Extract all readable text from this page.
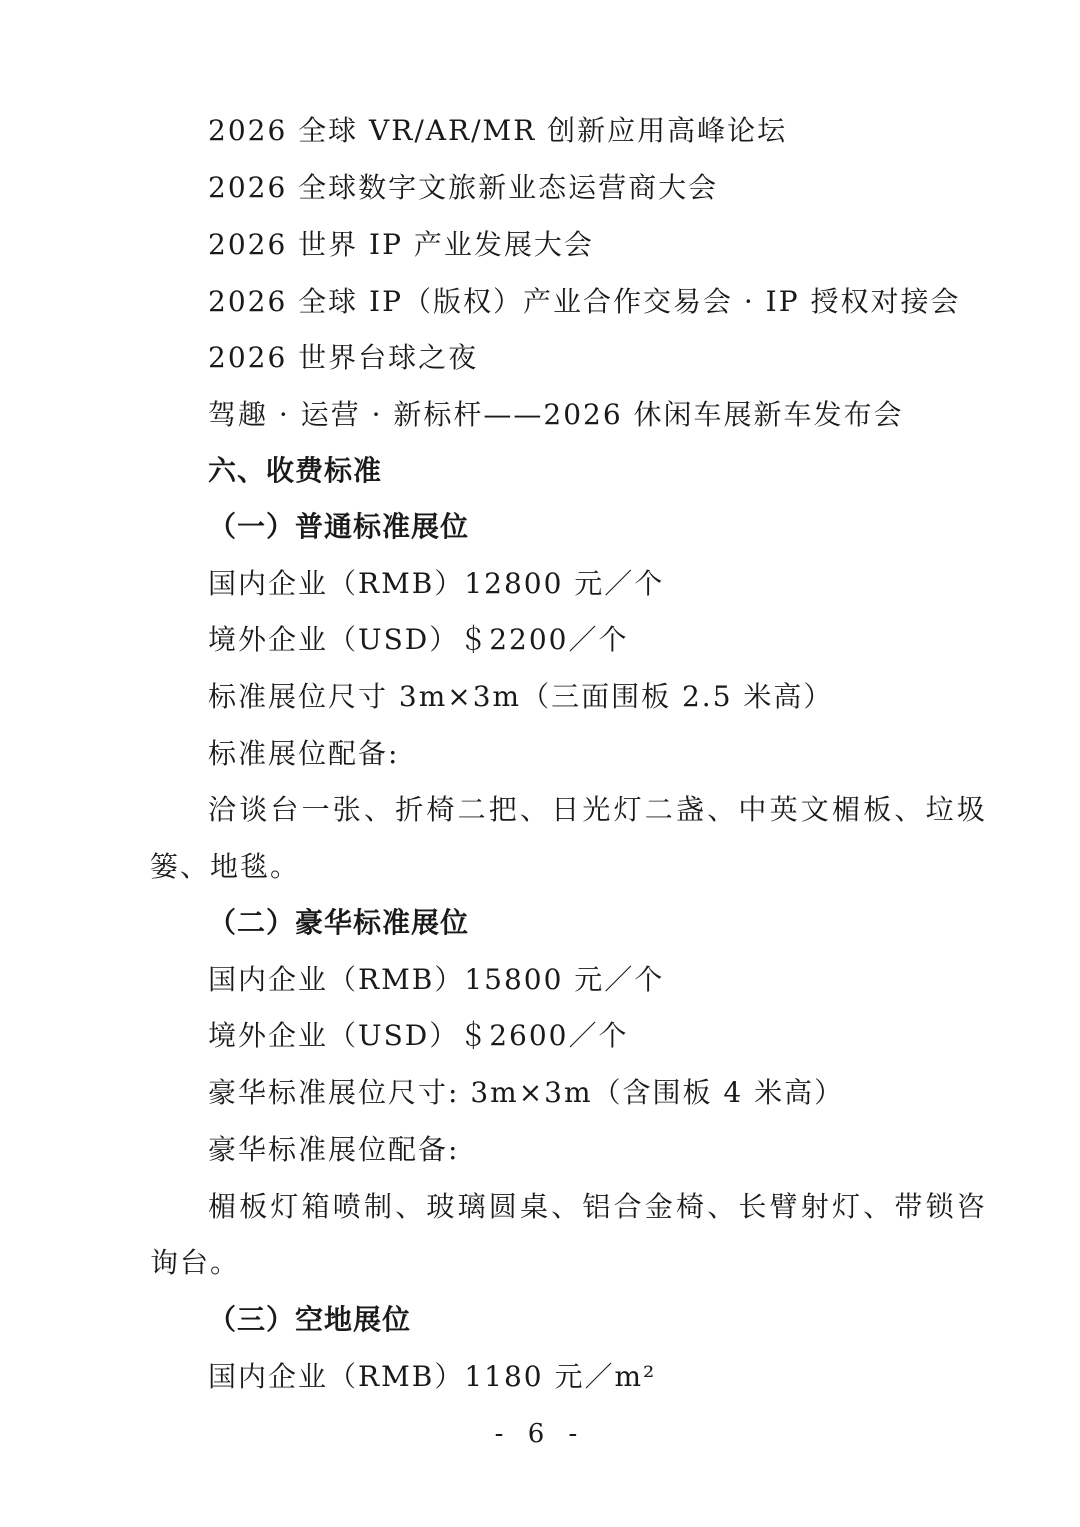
2026 全球 VR/AR/MR 创新应用高峰论坛
2026 全球数字文旅新业态运营商大会
2026 世界 IP 产业发展大会
2026 全球 IP（版权）产业合作交易会 · IP 授权对接会
2026 世界台球之夜
驾趣 · 运营 · 新标杆——2026 休闲车展新车发布会
六、收费标准
（一）普通标准展位
国内企业（RMB）12800 元／个
境外企业（USD）＄2200／个
标准展位尺寸 3m×3m（三面围板 2.5 米高）
标准展位配备:
洽谈台一张、折椅二把、日光灯二盏、中英文楣板、垃圾
篓、地毯。
（二）豪华标准展位
国内企业（RMB）15800 元／个
境外企业（USD）＄2600／个
豪华标准展位尺寸: 3m×3m（含围板 4 米高）
豪华标准展位配备:
楣板灯箱喷制、玻璃圆桌、铝合金椅、长臂射灯、带锁咨
询台。
（三）空地展位
国内企业（RMB）1180 元／m²
- 6 -
